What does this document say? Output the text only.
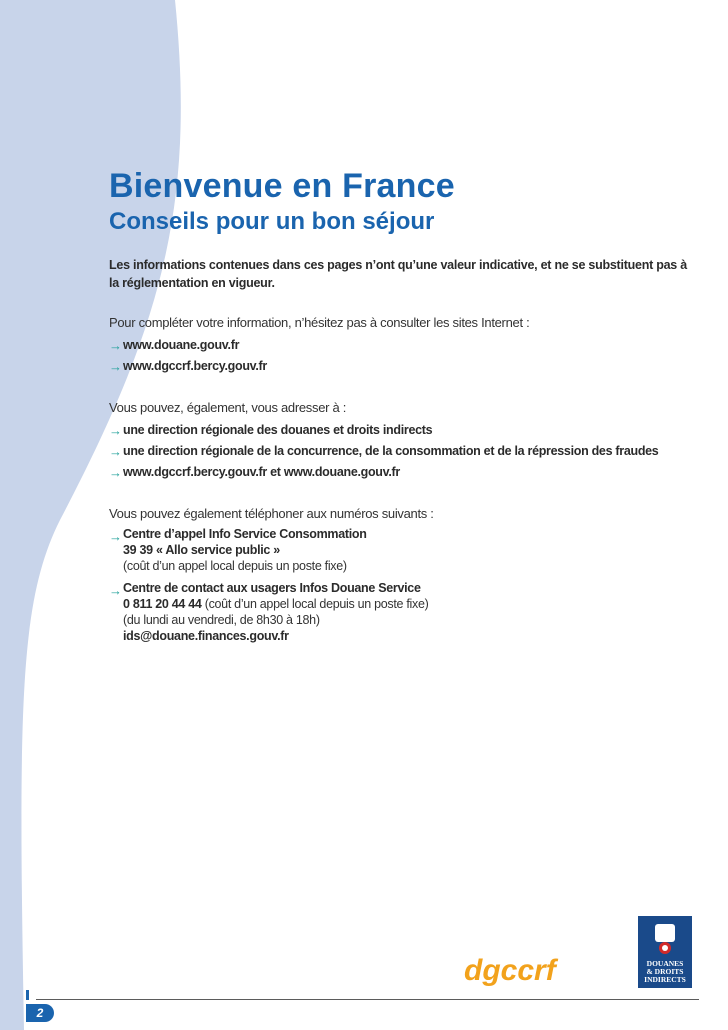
Bienvenue en France
Conseils pour un bon séjour

Les informations contenues dans ces pages n’ont qu’une valeur indicative, et ne se substituent pas à la réglementation en vigueur.

Pour compléter votre information, n’hésitez pas à consulter les sites Internet :

→ www.douane.gouv.fr
→ www.dgccrf.bercy.gouv.fr

Vous pouvez, également, vous adresser à :

→ une direction régionale des douanes et droits indirects
→ une direction régionale de la concurrence, de la consommation et de la répression des fraudes
→ www.dgccrf.bercy.gouv.fr et www.douane.gouv.fr

Vous pouvez également téléphoner aux numéros suivants :

→ Centre d’appel Info Service Consommation
39 39 « Allo service public »
(coût d’un appel local depuis un poste fixe)
→ Centre de contact aux usagers Infos Douane Service
0 811 20 44 44 (coût d’un appel local depuis un poste fixe)
(du lundi au vendredi, de 8h30 à 18h)
ids@douane.finances.gouv.fr
dgccrf	DOUANES
& DROITS
INDIRECTS
2
